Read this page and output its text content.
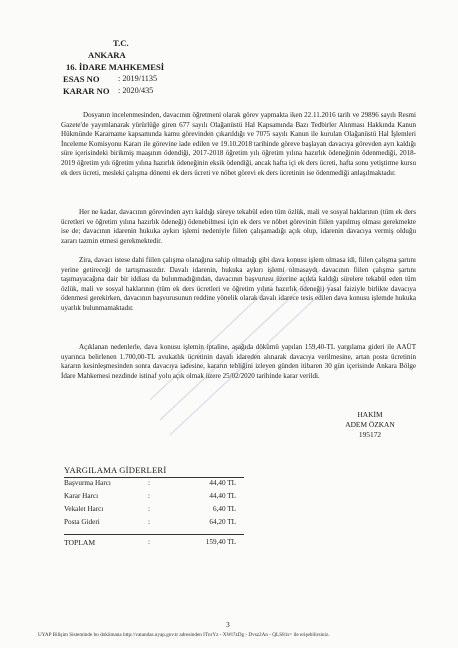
T.C.
ANKARA
16. İDARE MAHKEMESİ
ESAS NO : 2019/1135
KARAR NO : 2020/435
Dosyanın incelenmesinden, davacının öğretmeni olarak görev yapmakta iken 22.11.2016 tarih ve 29896 sayılı Resmi Gazete'de yayımlanarak yürürlüğe giren 677 sayılı Olağanüstü Hal Kapsamında Bazı Tedbirler Alınması Hakkında Kanun Hükmünde Kararname kapsamında kamu görevinden çıkarıldığı ve 7075 sayılı Kanun ile kurulan Olağanüstü Hal İşlemleri İnceleme Komisyonu Kararı ile görevine iade edilen ve 19.10.2018 tarihinde göreve başlayan davacıya görevden ayrı kaldığı süre içerisindeki birikmiş maaşının ödendiği, 2017-2018 öğretim yılı öğretim yılına hazırlık ödeneğinin ödenmediği, 2018-2019 öğretim yılı öğretim yılına hazırlık ödeneğinin eksik ödendiği, ancak hafta içi ek ders ücreti, hafta sonu yetiştirme kursu ek ders ücreti, mesleki çalışma dönemi ek ders ücreti ve nöbet görevi ek ders ücretinin ise ödenmediği anlaşılmaktadır.
Her ne kadar, davacının görevinden ayrı kaldığı süreye tekabül eden tüm özlük, mali ve sosyal haklarının (tüm ek ders ücretleri ve öğretim yılına hazırlık ödeneği) ödenebilmesi için ek ders ve nöbet görevinin fiilen yapılmış olması gerekmekte ise de; davacının idarenin hukuka aykırı işlemi nedeniyle fiilen çalışamadığı açık olup, idarenin davacıya vermiş olduğu zararı tazmin etmesi gerekmektedir.
Zira, davacı istese dahi fiilen çalışma olanağına sahip olmadığı gibi dava konusu işlem olmasa idi, fiilen çalışma şartını yerine getireceği de tartışmasızdır. Davalı idarenin, hukuka aykırı işlemi olmasaydı davacının fiilen çalışma şartını taşımayacağına dair bir iddiası da bulunmadığından, davacının başvurusu üzerine açıkta kaldığı sürelere tekabül eden tüm özlük, mali ve sosyal haklarının (tüm ek ders ücretleri ve öğretim yılına hazırlık ödeneği) yasal faiziyle birlikte davacıya ödenmesi gerekirken, davacının başvurusunun reddine yönelik olarak davalı idarece tesis edilen dava konusu işlemde hukuka uyarlık bulunmamaktadır.
Açıklanan nedenlerle, dava konusu işlemin iptaline, aşağıda dökümü yapılan 159,40-TL yargılama gideri ile AAÜT uyarınca belirlenen 1.700,00-TL avukatlık ücretinin davalı idareden alınarak davacıya verilmesine, artan posta ücretinin kararın kesinleşmesinden sonra davacıya iadesine, kararın tebliğini izleyen günden itibaren 30 gün içerisinde Ankara Bölge İdare Mahkemesi nezdinde istinaf yolu açık olmak üzere 25/02/2020 tarihinde karar verildi.
HAKİM
ADEM ÖZKAN
195172
YARGILAMA GİDERLERİ
Başvurma Harcı	:	44,40 TL
Karar Harcı	:	44,40 TL
Vekalet Harcı	:	6,40 TL
Posta Gideri	:	64,20 TL
TOPLAM	:	159,40 TL
3
UYAP Bilişim Sisteminde bu dokümana http://vatandas.uyap.gov.tr adresinden ITnrYz - XWt7zDg - Dvsz2An - QLS81s= ile erişebilirsiniz.
